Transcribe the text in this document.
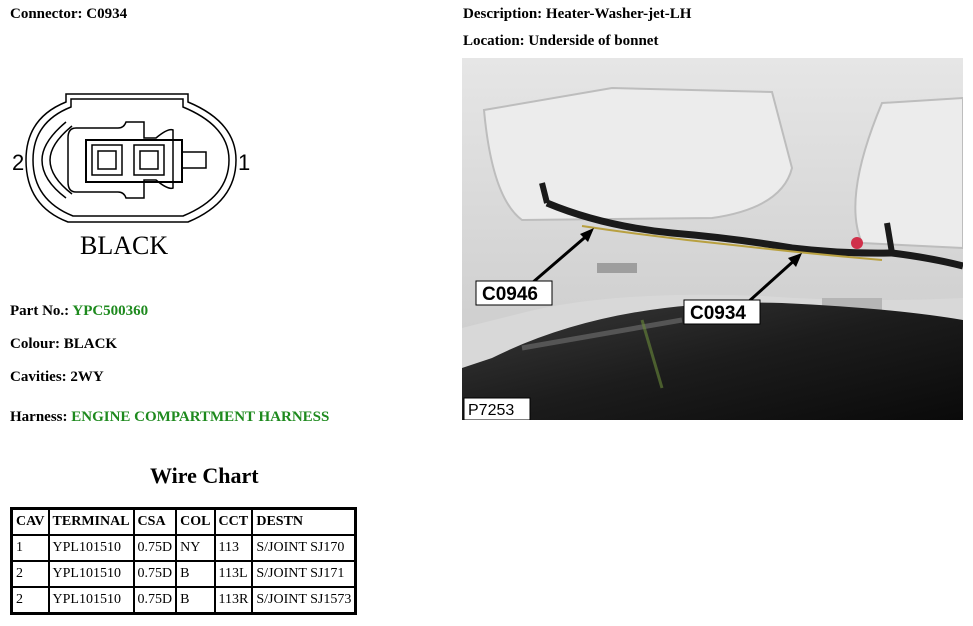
Connector: C0934	Description: Heater-Washer-jet-LH
Location: Underside of bonnet
2	1
BLACK
C0946
C0934
P7253
Part No.: YPC500360
Colour: BLACK
Cavities: 2WY
Harness: ENGINE COMPARTMENT HARNESS
Wire Chart
CAV	TERMINAL	CSA	COL	CCT	DESTN
1	YPL101510	0.75D	NY	113	S/JOINT SJ170
2	YPL101510	0.75D	B	113L	S/JOINT SJ171
2	YPL101510	0.75D	B	113R	S/JOINT SJ1573
